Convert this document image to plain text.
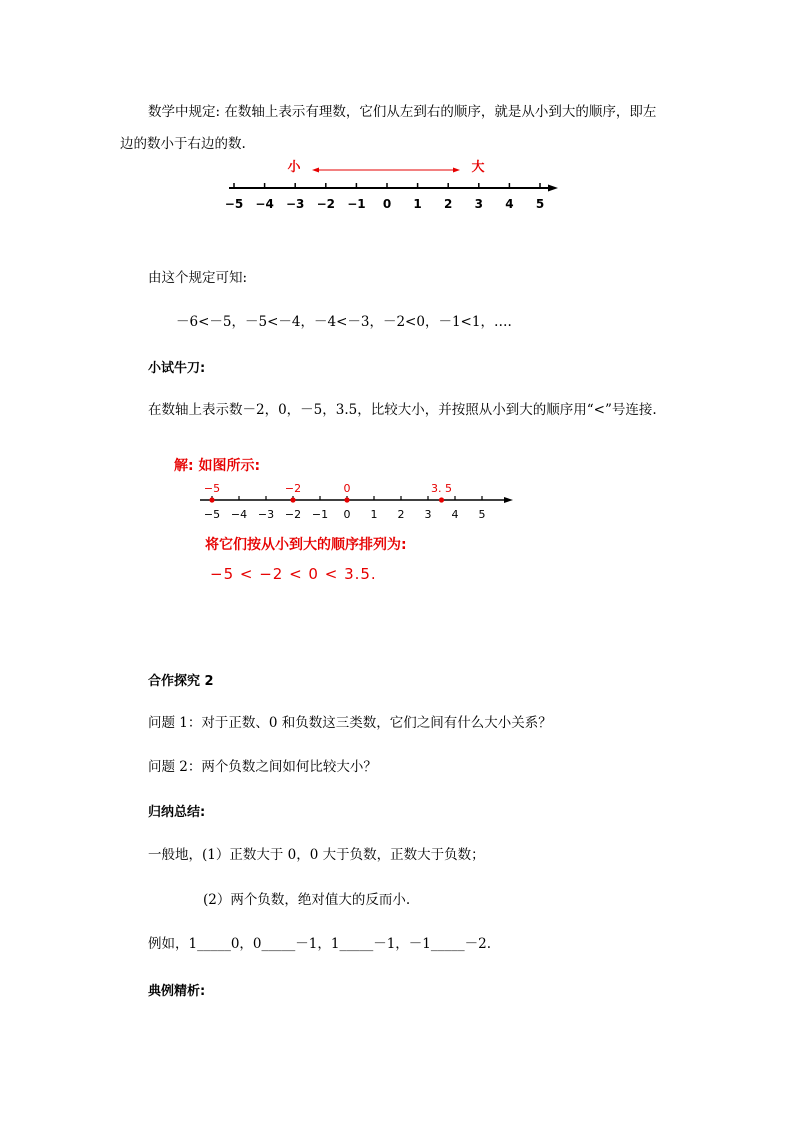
数学中规定: 在数轴上表示有理数，它们从左到右的顺序，就是从小到大的顺序，即左
边的数小于右边的数.
小	大
−5 −4 −3 −2 −1 0 1 2 3 4 5
由这个规定可知:
－6<－5，－5<－4，－4<－3，－2<0，－1<1，….
小试牛刀:
在数轴上表示数－2，0，－5，3.5，比较大小，并按照从小到大的顺序用“<”号连接.
解: 如图所示:
−5	−2	0	3. 5
−5 −4 −3 −2 −1 0 1 2 3 4 5
将它们按从小到大的顺序排列为:
−5 < −2 < 0 < 3.5.
合作探究 2
问题 1：对于正数、0 和负数这三类数，它们之间有什么大小关系？
问题 2：两个负数之间如何比较大小？
归纳总结:
一般地，(1）正数大于 0，0 大于负数，正数大于负数；
(2）两个负数，绝对值大的反而小.
例如，1_____0，0_____－1，1_____－1，－1_____－2.
典例精析:
